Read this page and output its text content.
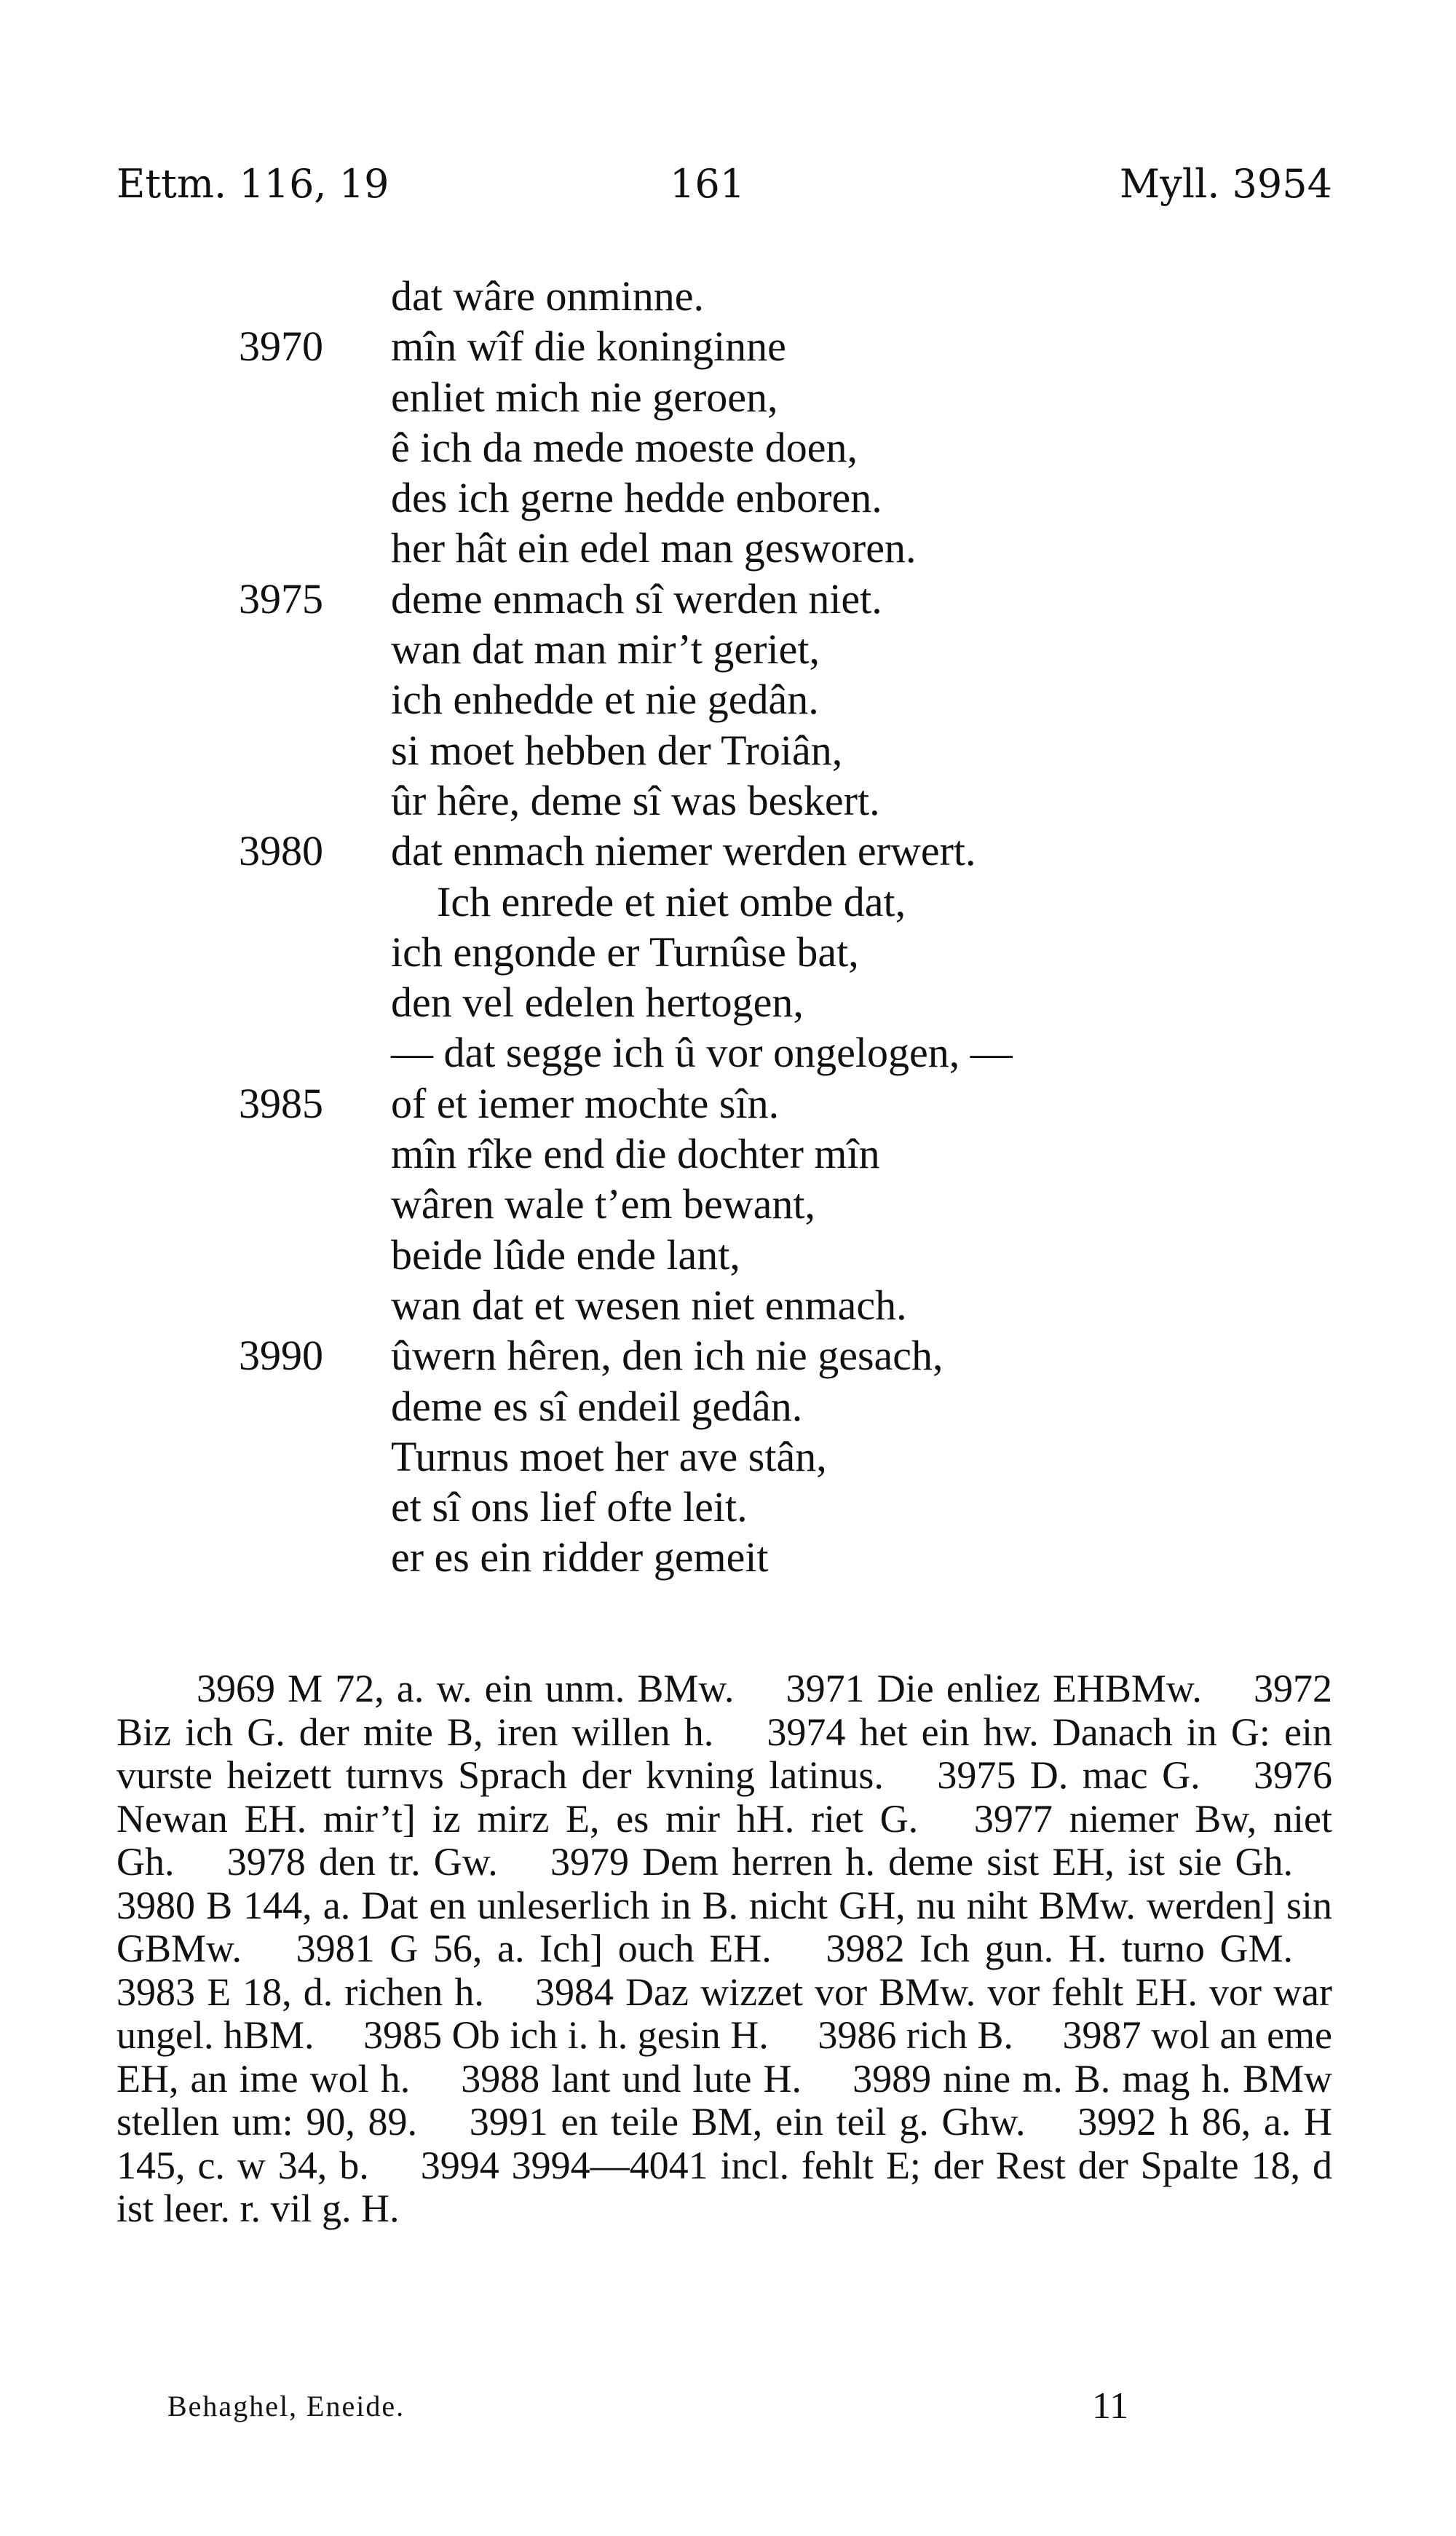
Ettm. 116, 19	161	Myll. 3954
dat wâre onminne.
3970 mîn wîf die koninginne
enliet mich nie geroen,
ê ich da mede moeste doen,
des ich gerne hedde enboren.
her hât ein edel man gesworen.
3975 deme enmach sî werden niet.
wan dat man mir’t geriet,
ich enhedde et nie gedân.
si moet hebben der Troiân,
ûr hêre, deme sî was beskert.
3980 dat enmach niemer werden erwert.
Ich enrede et niet ombe dat,
ich engonde er Turnûse bat,
den vel edelen hertogen,
— dat segge ich û vor ongelogen, —
3985 of et iemer mochte sîn.
mîn rîke end die dochter mîn
wâren wale t’em bewant,
beide lûde ende lant,
wan dat et wesen niet enmach.
3990 ûwern hêren, den ich nie gesach,
deme es sî endeil gedân.
Turnus moet her ave stân,
et sî ons lief ofte leit.
er es ein ridder gemeit
3969 M 72, a. w. ein unm. BMw.  3971 Die enliez EHBMw.  3972 Biz ich G. der mite B, iren willen h.  3974 het ein hw. Danach in G: ein vurste heizett turnvs Sprach der kvning latinus.  3975 D. mac G.  3976 Newan EH. mir’t] iz mirz E, es mir hH. riet G.  3977 niemer Bw, niet Gh.  3978 den tr. Gw.  3979 Dem herren h. deme sist EH, ist sie Gh.  3980 B 144, a. Dat en unleserlich in B. nicht GH, nu niht BMw. werden] sin GBMw.  3981 G 56, a. Ich] ouch EH.  3982 Ich gun. H. turno GM.  3983 E 18, d. richen h.  3984 Daz wizzet vor BMw. vor fehlt EH. vor war ungel. hBM.  3985 Ob ich i. h. gesin H.  3986 rich B.  3987 wol an eme EH, an ime wol h.  3988 lant und lute H.  3989 nine m. B. mag h. BMw stellen um: 90, 89.  3991 en teile BM, ein teil g. Ghw.  3992 h 86, a. H 145, c. w 34, b.  3994 3994—4041 incl. fehlt E; der Rest der Spalte 18, d ist leer. r. vil g. H.
Behaghel, Eneide.	11
